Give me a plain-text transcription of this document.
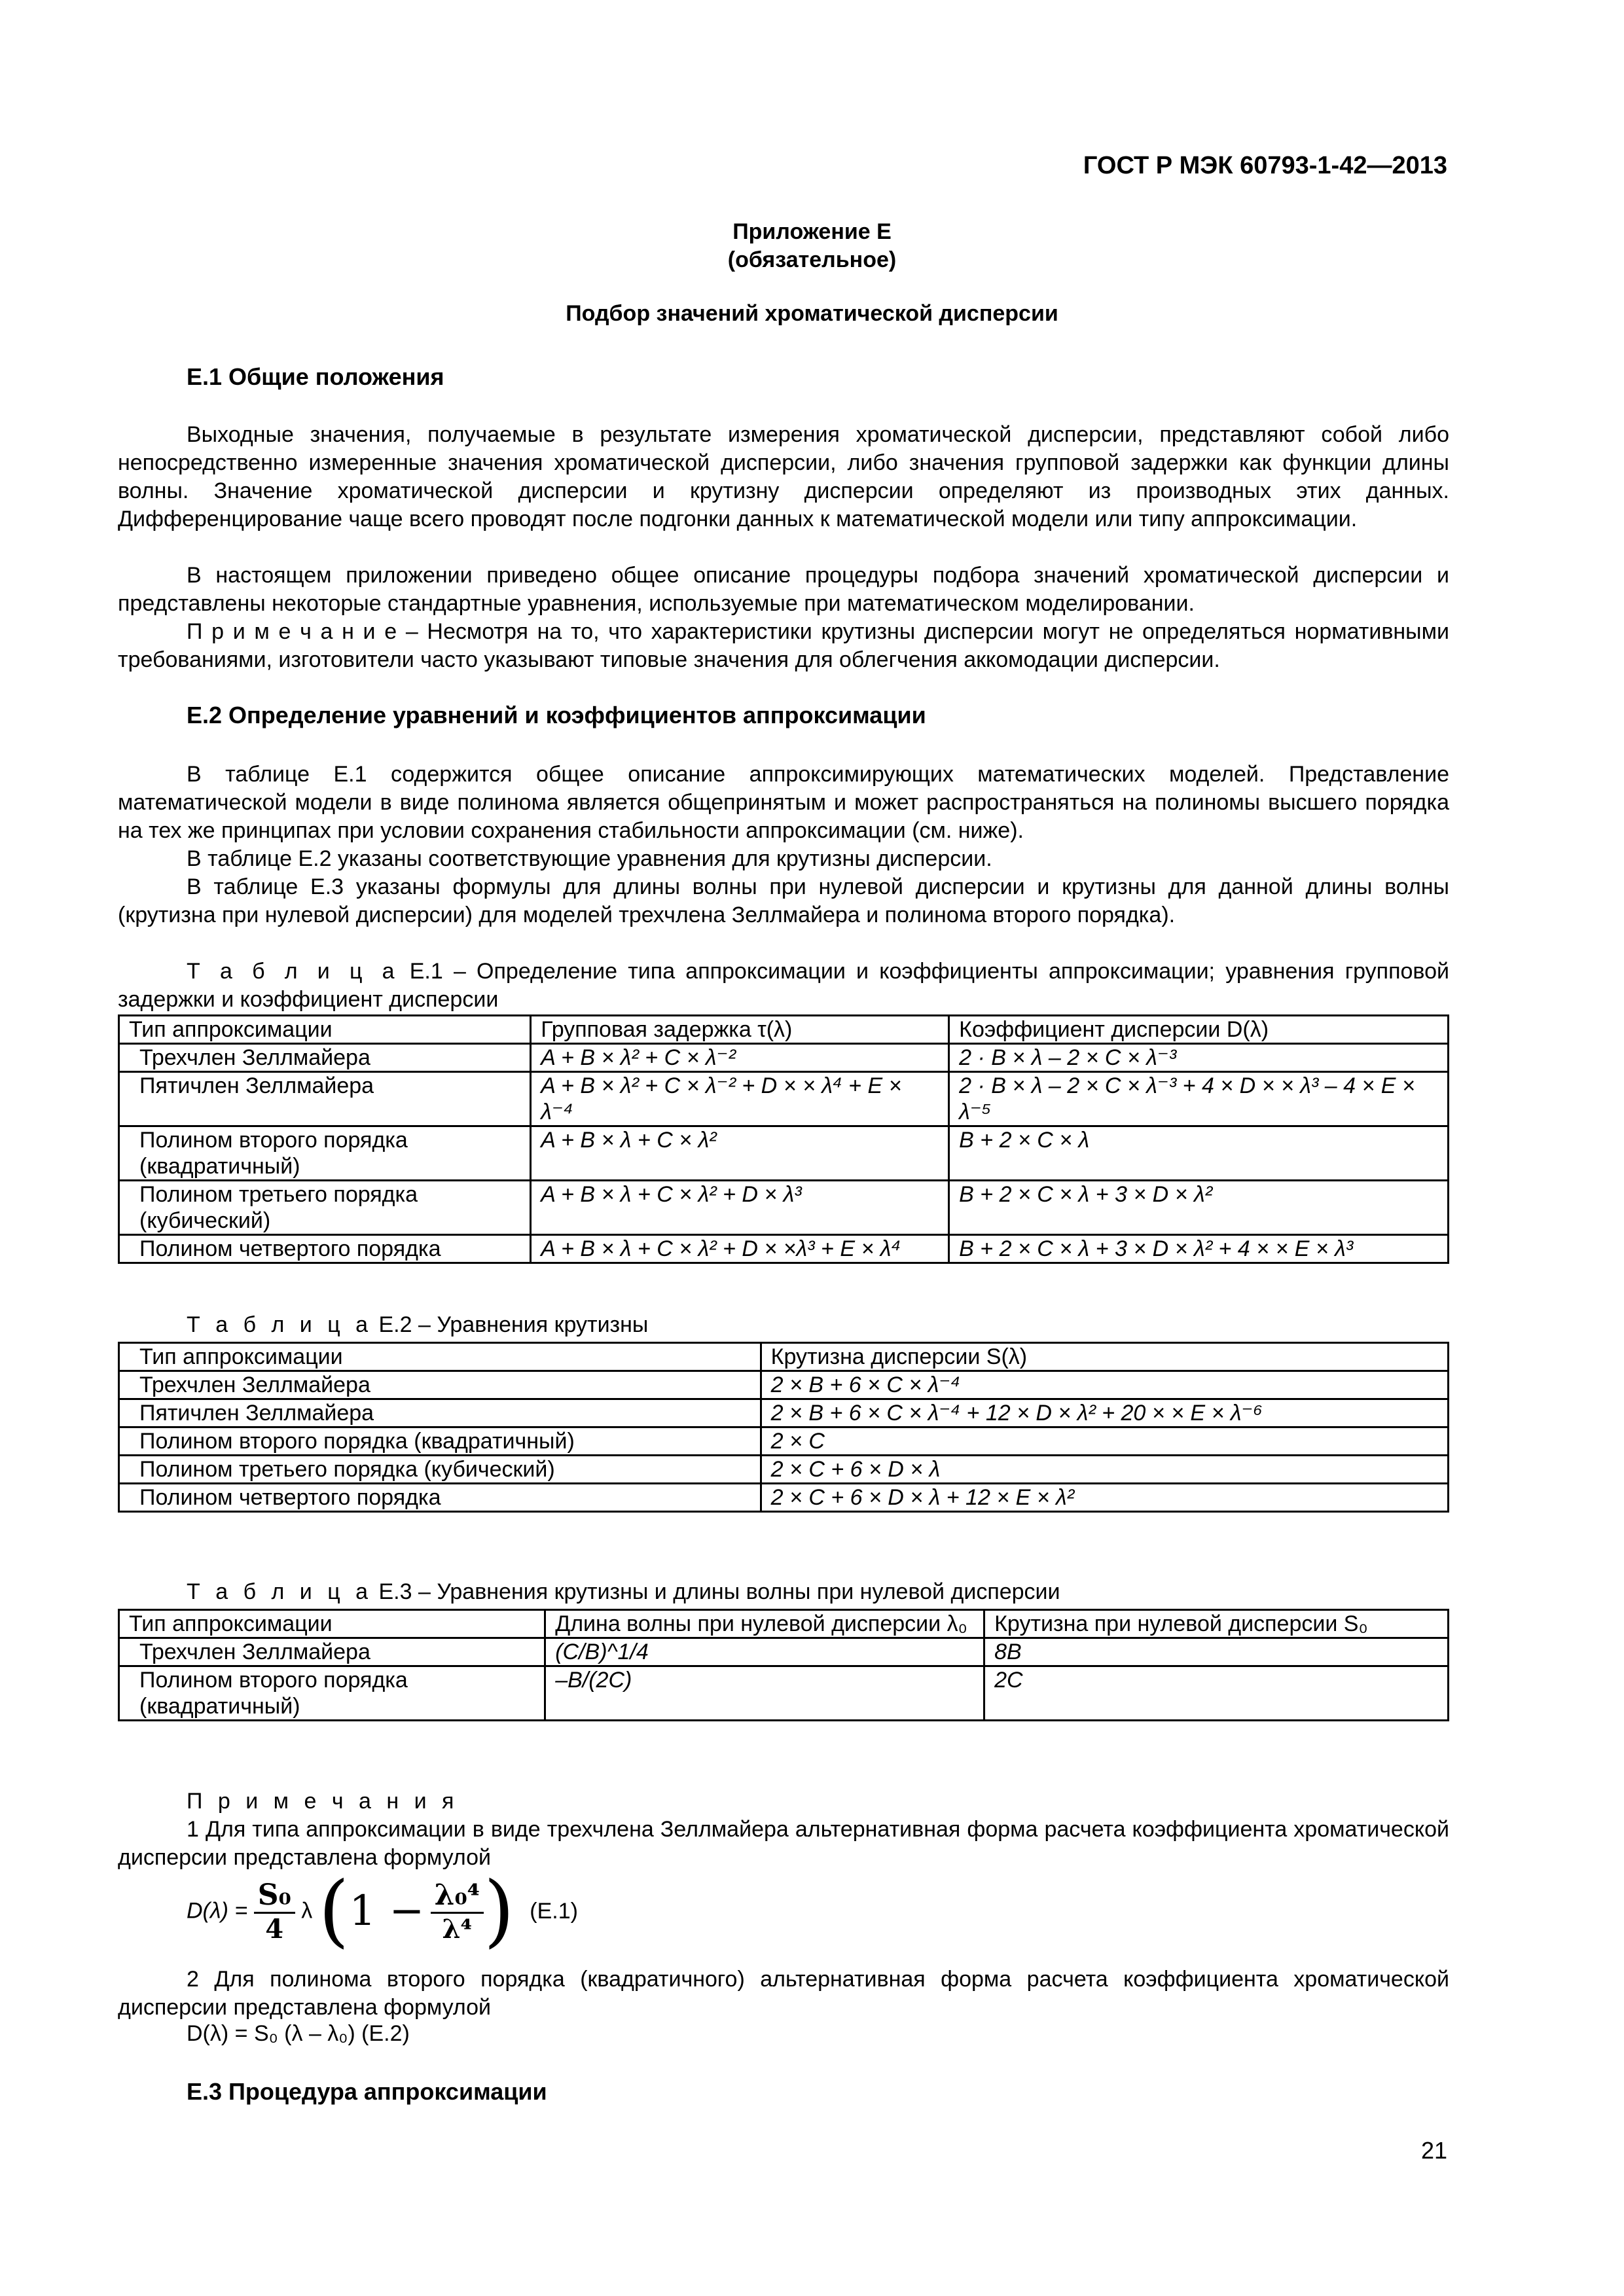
ГОСТ Р МЭК 60793-1-42—2013
Приложение Е
(обязательное)
Подбор значений хроматической дисперсии
Е.1 Общие положения
Выходные значения, получаемые в результате измерения хроматической дисперсии, представляют собой либо непосредственно измеренные значения хроматической дисперсии, либо значения групповой задержки как функции длины волны. Значение хроматической дисперсии и крутизну дисперсии определяют из производных этих данных. Дифференцирование чаще всего проводят после подгонки данных к математической модели или типу аппроксимации.
В настоящем приложении приведено общее описание процедуры подбора значений хроматической дисперсии и представлены некоторые стандартные уравнения, используемые при математическом моделировании.
П р и м е ч а н и е – Несмотря на то, что характеристики крутизны дисперсии могут не определяться нормативными требованиями, изготовители часто указывают типовые значения для облегчения аккомодации дисперсии.
Е.2 Определение уравнений и коэффициентов аппроксимации
В таблице Е.1 содержится общее описание аппроксимирующих математических моделей. Представление математической модели в виде полинома является общепринятым и может распространяться на полиномы высшего порядка на тех же принципах при условии сохранения стабильности аппроксимации (см. ниже).
В таблице Е.2 указаны соответствующие уравнения для крутизны дисперсии.
В таблице Е.3 указаны формулы для длины волны при нулевой дисперсии и крутизны для данной длины волны (крутизна при нулевой дисперсии) для моделей трехчлена Зеллмайера и полинома второго порядка).
Т а б л и ц а Е.1 – Определение типа аппроксимации и коэффициенты аппроксимации; уравнения групповой задержки и коэффициент дисперсии
Тип аппроксимации	Групповая задержка τ(λ)	Коэффициент дисперсии D(λ)
Трехчлен Зеллмайера	A + B × λ² + C × λ⁻²	2 · B × λ – 2 × C × λ⁻³
Пятичлен Зеллмайера	A + B × λ² + C × λ⁻² + D × × λ⁴ + E × λ⁻⁴	2 · B × λ – 2 × C × λ⁻³ + 4 × D × × λ³ – 4 × E × λ⁻⁵
Полином второго порядка (квадратичный)	A + B × λ + C × λ²	B + 2 × C × λ
Полином третьего порядка (кубический)	A + B × λ + C × λ² + D × λ³	B + 2 × C × λ + 3 × D × λ²
Полином четвертого порядка	A + B × λ + C × λ² + D × ×λ³ + E × λ⁴	B + 2 × C × λ + 3 × D × λ² + 4 × × E × λ³
Т а б л и ц а Е.2 – Уравнения крутизны
Тип аппроксимации	Крутизна дисперсии S(λ)
Трехчлен Зеллмайера	2 × B + 6 × C × λ⁻⁴
Пятичлен Зеллмайера	2 × B + 6 × C × λ⁻⁴ + 12 × D × λ² + 20 × × E × λ⁻⁶
Полином второго порядка (квадратичный)	2 × C
Полином третьего порядка (кубический)	2 × C + 6 × D × λ
Полином четвертого порядка	2 × C + 6 × D × λ + 12 × E × λ²
Т а б л и ц а Е.3 – Уравнения крутизны и длины волны при нулевой дисперсии
Тип аппроксимации	Длина волны при нулевой дисперсии λ₀	Крутизна при нулевой дисперсии S₀
Трехчлен Зеллмайера	(C/B)^1/4	8B
Полином второго порядка (квадратичный)	–B/(2C)	2C
П р и м е ч а н и я
1 Для типа аппроксимации в виде трехчлена Зеллмайера альтернативная форма расчета коэффициента хроматической дисперсии представлена формулой
$D(\lambda) = \frac{\text{S₀}}{4}$ λ ($1 - \frac{\text{λ₀⁴}}{\text{λ⁴}}$ ) (Е.1)
2 Для полинома второго порядка (квадратичного) альтернативная форма расчета коэффициента хроматической дисперсии представлена формулой
D(λ) = S₀ (λ – λ₀) (Е.2)
Е.3 Процедура аппроксимации
21
